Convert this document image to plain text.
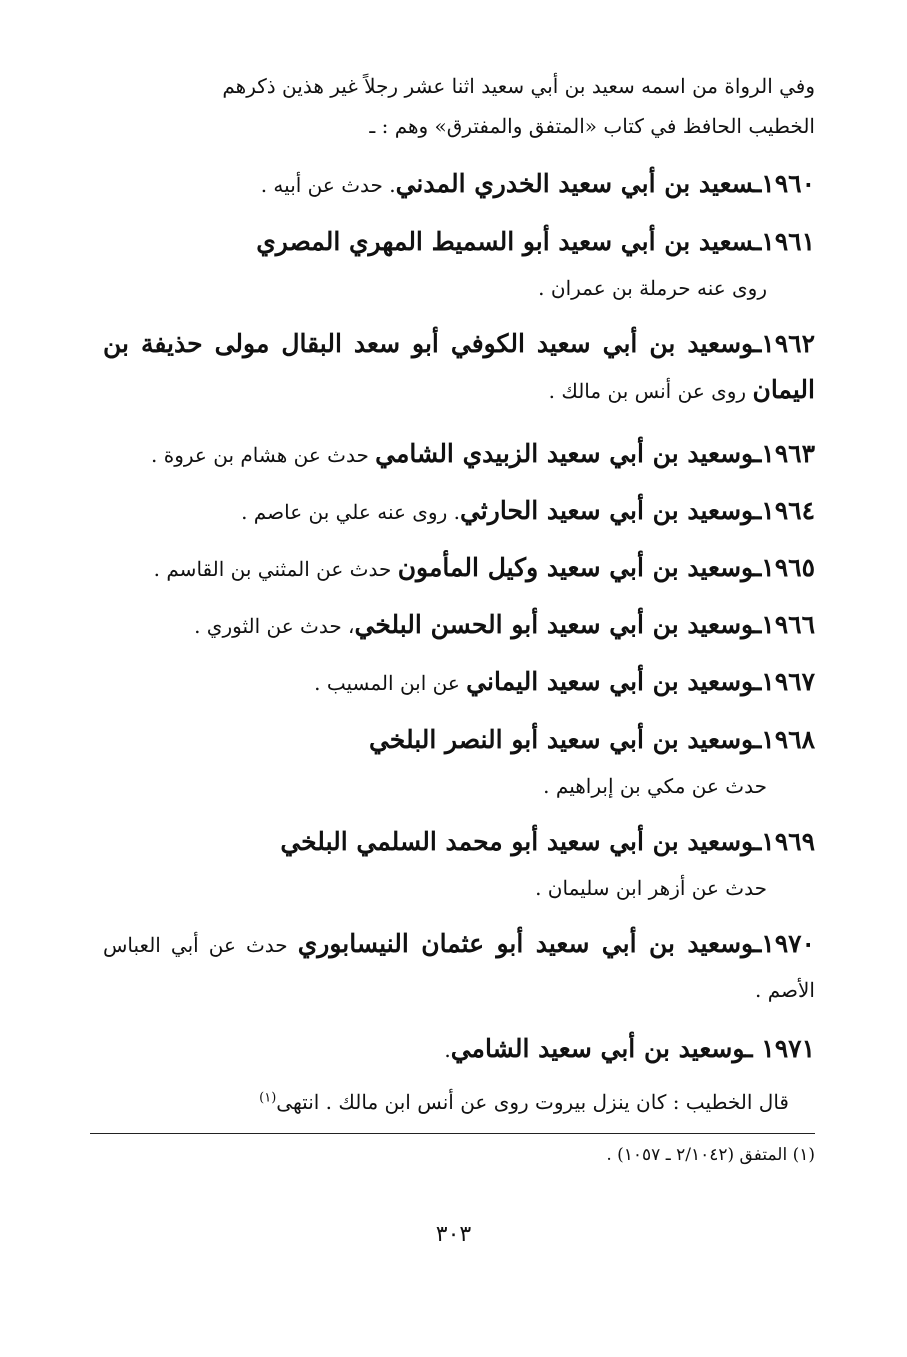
وفي الرواة من اسمه سعيد بن أبي سعيد اثنا عشر رجلاً غير هذين ذكرهم
الخطيب الحافظ في كتاب «المتفق والمفترق» وهم : ـ
١٩٦٠ـسعيد بن أبي سعيد الخدري المدني. حدث عن أبيه .
١٩٦١ـسعيد بن أبي سعيد أبو السميط المهري المصري
روى عنه حرملة بن عمران .
١٩٦٢ـوسعيد بن أبي سعيد الكوفي أبو سعد البقال مولى حذيفة بن اليمان روى عن أنس بن مالك .
١٩٦٣ـوسعيد بن أبي سعيد الزبيدي الشامي حدث عن هشام بن عروة .
١٩٦٤ـوسعيد بن أبي سعيد الحارثي. روى عنه علي بن عاصم .
١٩٦٥ـوسعيد بن أبي سعيد وكيل المأمون حدث عن المثني بن القاسم .
١٩٦٦ـوسعيد بن أبي سعيد أبو الحسن البلخي، حدث عن الثوري .
١٩٦٧ـوسعيد بن أبي سعيد اليماني عن ابن المسيب .
١٩٦٨ـوسعيد بن أبي سعيد أبو النصر البلخي
حدث عن مكي بن إبراهيم .
١٩٦٩ـوسعيد بن أبي سعيد أبو محمد السلمي البلخي
حدث عن أزهر ابن سليمان .
١٩٧٠ـوسعيد بن أبي سعيد أبو عثمان النيسابوري حدث عن أبي العباس الأصم .
١٩٧١ ـوسعيد بن أبي سعيد الشامي.
قال الخطيب : كان ينزل بيروت روى عن أنس ابن مالك . انتهى$^{(١)}$
(١) المتفق (٢/١٠٤٢ ـ ١٠٥٧) .
٣٠٣
